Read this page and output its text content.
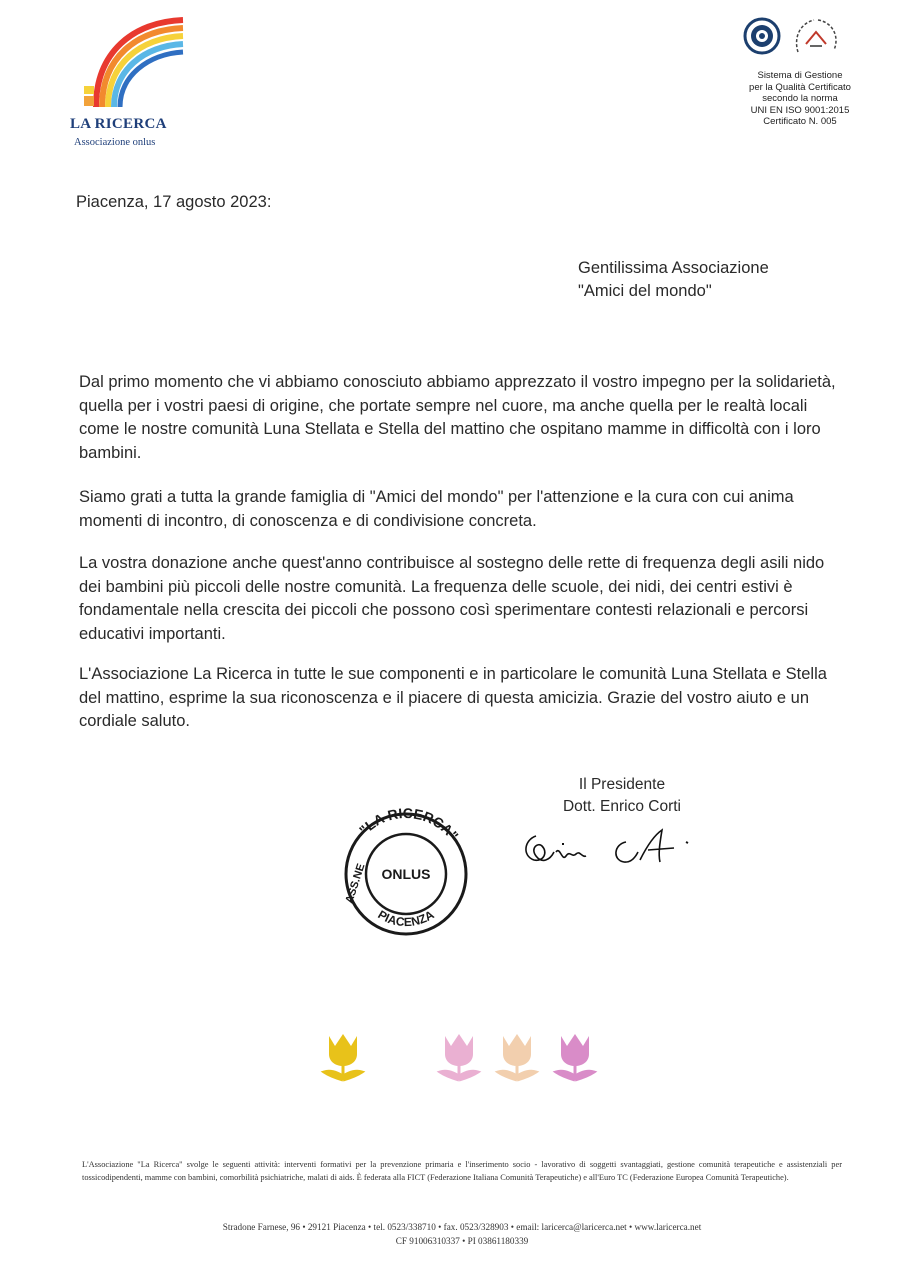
LA RICERCA
Associazione onlus
Sistema di Gestione
per la Qualità Certificato
secondo la norma
UNI EN ISO 9001:2015
Certificato N. 005
Piacenza, 17 agosto 2023:
Gentilissima Associazione
"Amici del mondo"
Dal primo momento che vi abbiamo conosciuto abbiamo apprezzato il vostro impegno per la solidarietà, quella per i vostri paesi di origine, che portate sempre nel cuore, ma anche quella per le realtà locali come le nostre comunità Luna Stellata e Stella del mattino che ospitano mamme in difficoltà con i loro bambini.
Siamo grati a tutta la grande famiglia di "Amici del mondo" per l'attenzione e la cura con cui anima momenti di incontro, di conoscenza e di condivisione concreta.
La vostra donazione anche quest'anno contribuisce al sostegno delle rette di frequenza degli asili nido dei bambini più piccoli delle nostre comunità. La frequenza delle scuole, dei nidi, dei centri estivi è fondamentale nella crescita dei piccoli che possono così sperimentare contesti relazionali e percorsi educativi importanti.
L'Associazione La Ricerca in tutte le sue componenti e in particolare le comunità Luna Stellata e Stella del mattino, esprime la sua riconoscenza e il piacere di questa amicizia. Grazie del vostro aiuto e un cordiale saluto.
Il Presidente
Dott. Enrico Corti
"LA RICERCA"
ASS.NE ONLUS
PIACENZA
L'Associazione "La Ricerca" svolge le seguenti attività: interventi formativi per la prevenzione primaria e l'inserimento socio - lavorativo di soggetti svantaggiati, gestione comunità terapeutiche e assistenziali per tossicodipendenti, mamme con bambini, comorbilità psichiatriche, malati di aids. È federata alla FICT (Federazione Italiana Comunità Terapeutiche) e all'Euro TC (Federazione Europea Comunità Terapeutiche).
Stradone Farnese, 96 • 29121 Piacenza • tel. 0523/338710 • fax. 0523/328903 • email: laricerca@laricerca.net • www.laricerca.net
CF 91006310337 • PI 03861180339
